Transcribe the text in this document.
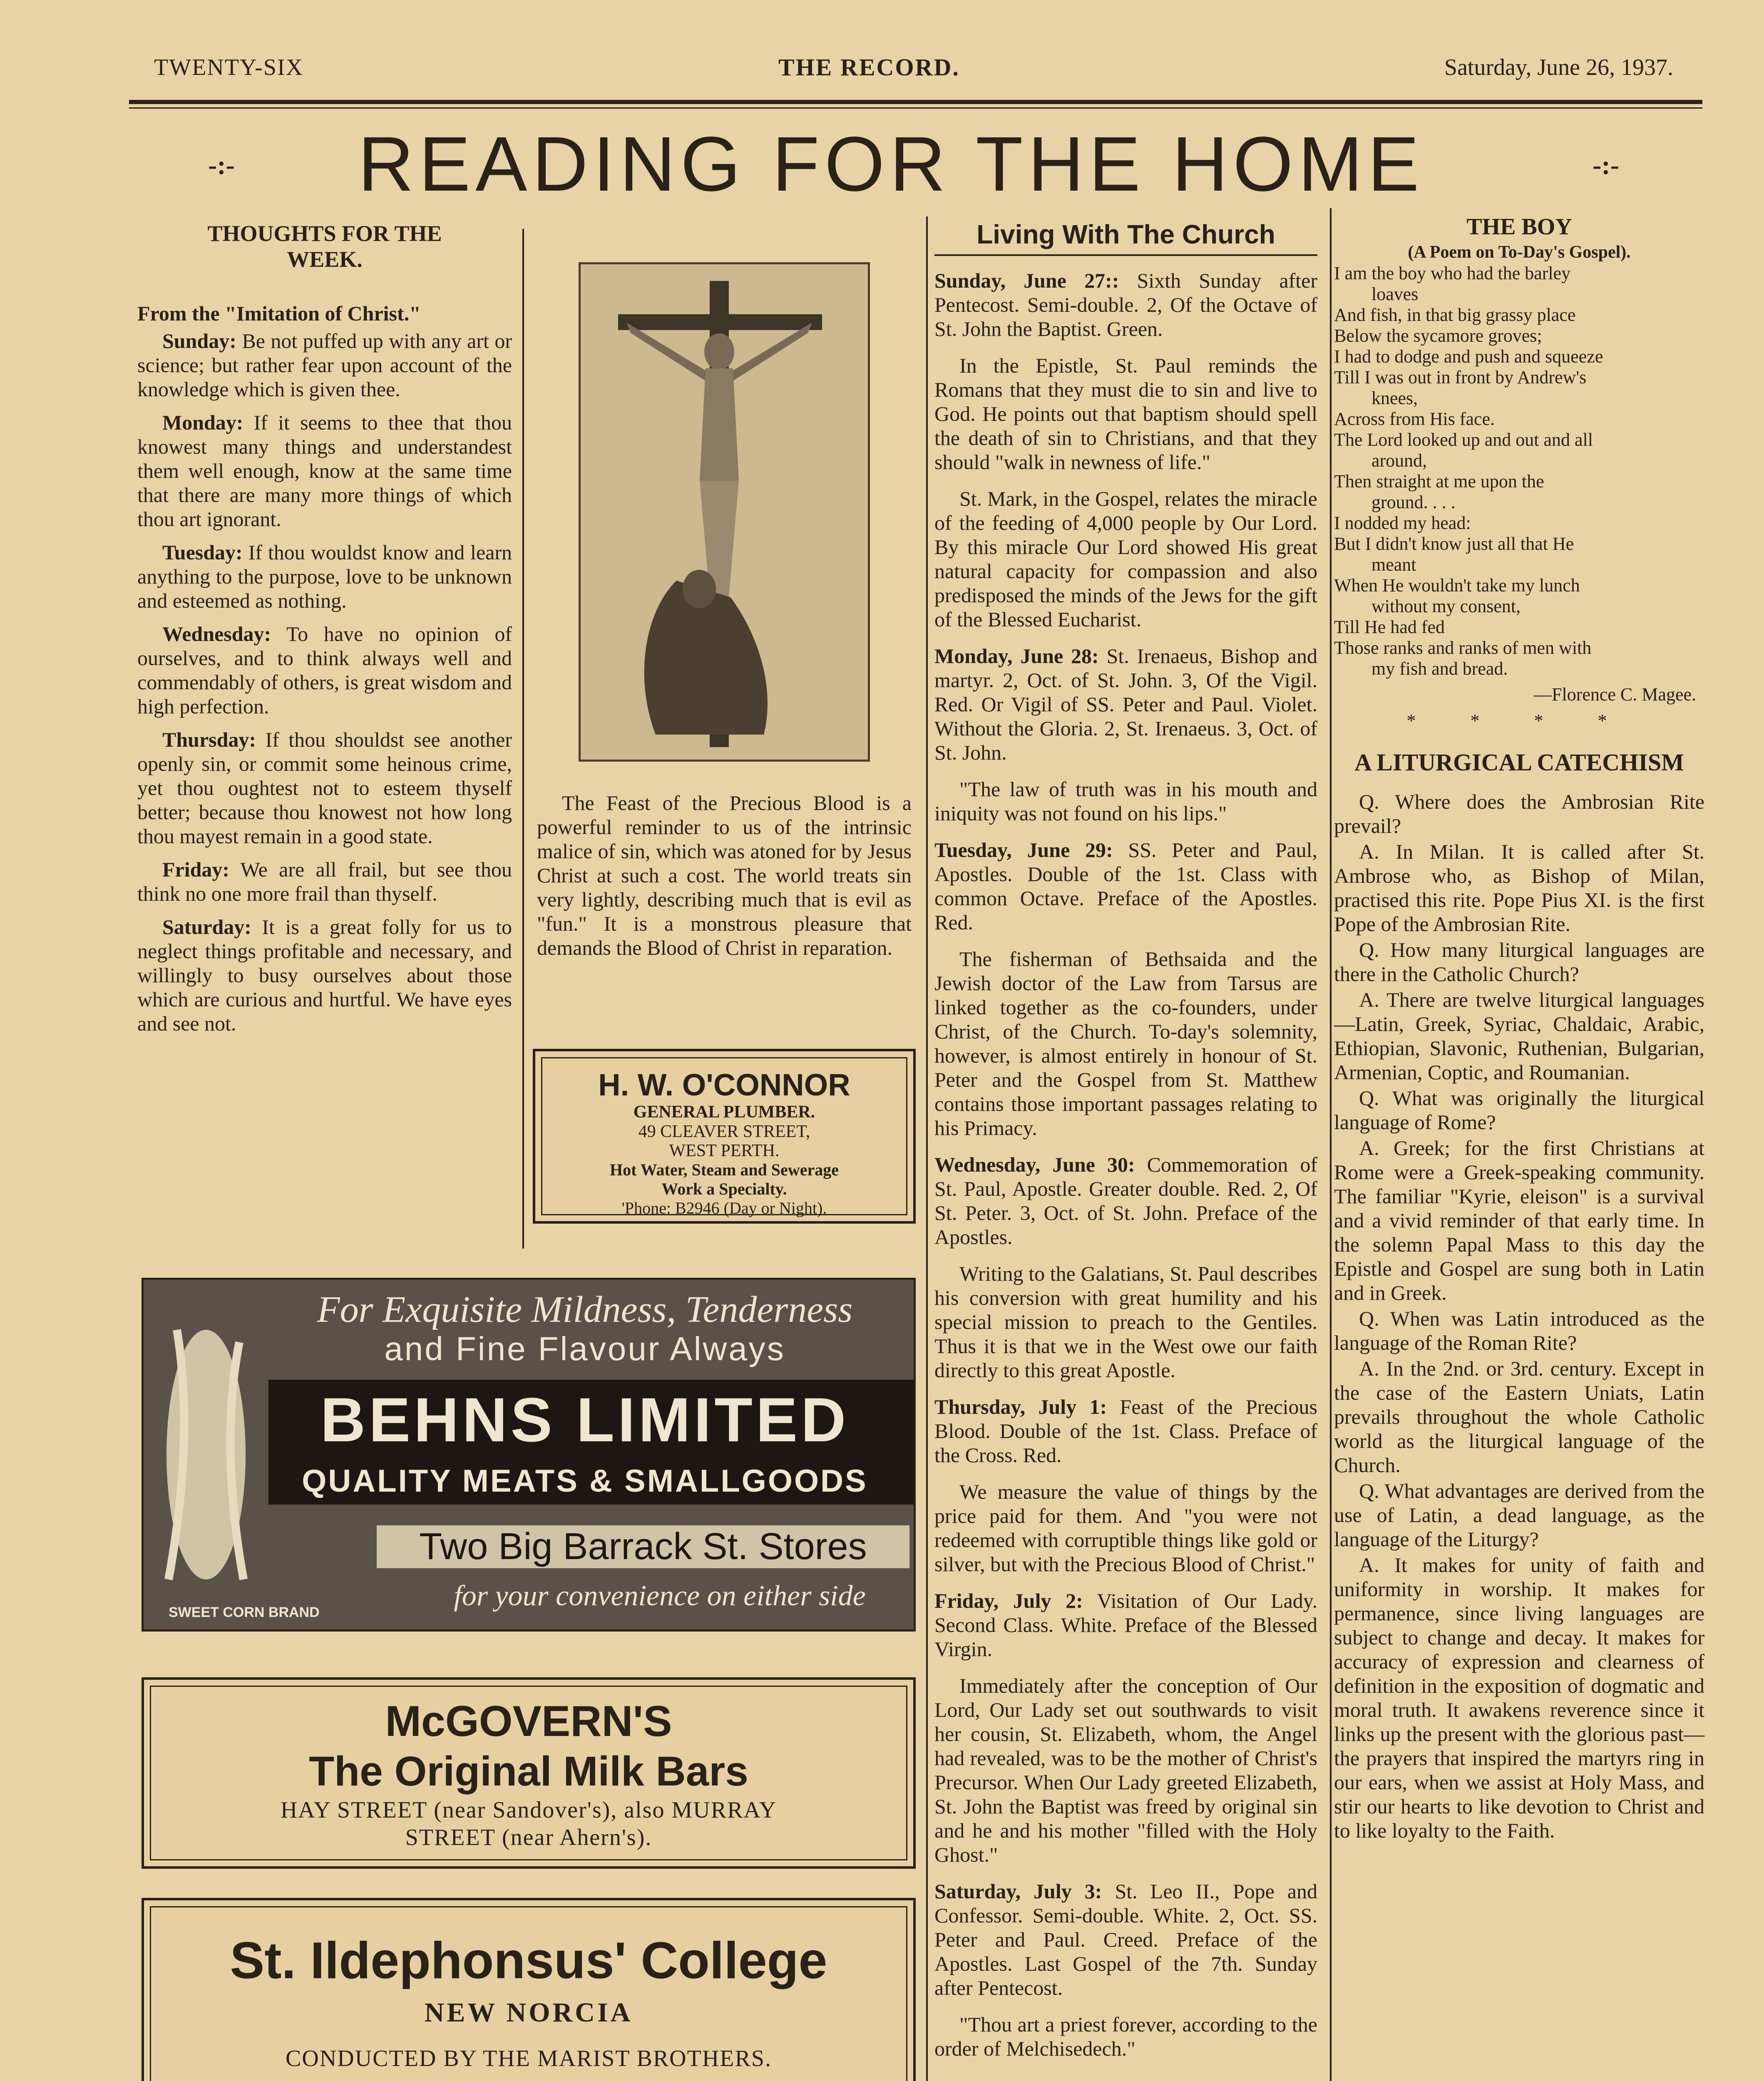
TWENTY-SIX	THE RECORD.	Saturday, June 26, 1937.
-:- READING FOR THE HOME	-:-
THOUGHTS FOR THE WEEK.
From the "Imitation of Christ."

Sunday: Be not puffed up with any art or science; but rather fear upon account of the knowledge which is given thee.

Monday: If it seems to thee that thou knowest many things and understandest them well enough, know at the same time that there are many more things of which thou art ignorant.

Tuesday: If thou wouldst know and learn anything to the purpose, love to be unknown and esteemed as nothing.

Wednesday: To have no opinion of ourselves, and to think always well and commendably of others, is great wisdom and high perfection.

Thursday: If thou shouldst see another openly sin, or commit some heinous crime, yet thou oughtest not to esteem thyself better; because thou knowest not how long thou mayest remain in a good state.

Friday: We are all frail, but see thou think no one more frail than thyself.

Saturday: It is a great folly for us to neglect things profitable and necessary, and willingly to busy ourselves about those which are curious and hurtful. We have eyes and see not.

The Feast of the Precious Blood is a powerful reminder to us of the intrinsic malice of sin, which was atoned for by Jesus Christ at such a cost. The world treats sin very lightly, describing much that is evil as "fun." It is a monstrous pleasure that demands the Blood of Christ in reparation.

H. W. O'CONNOR
GENERAL PLUMBER.
49 CLEAVER STREET,
WEST PERTH.
Hot Water, Steam and Sewerage
Work a Specialty.
'Phone: B2946 (Day or Night).
For Exquisite Mildness, Tenderness
and Fine Flavour Always
BEHNS LIMITED
QUALITY MEATS & SMALLGOODS
Two Big Barrack St. Stores
for your convenience on either side
SWEET CORN BRAND
McGOVERN'S
The Original Milk Bars
HAY STREET (near Sandover's), also MURRAY
STREET (near Ahern's).
St. Ildephonsus' College
NEW NORCIA
CONDUCTED BY THE MARIST BROTHERS.

Living With The Church

Sunday, June 27:: Sixth Sunday after Pentecost. Semi-double. 2, Of the Octave of St. John the Baptist. Green.

In the Epistle, St. Paul reminds the Romans that they must die to sin and live to God. He points out that baptism should spell the death of sin to Christians, and that they should "walk in newness of life."

St. Mark, in the Gospel, relates the miracle of the feeding of 4,000 people by Our Lord. By this miracle Our Lord showed His great natural capacity for compassion and also predisposed the minds of the Jews for the gift of the Blessed Eucharist.

Monday, June 28: St. Irenaeus, Bishop and martyr. 2, Oct. of St. John. 3, Of the Vigil. Red. Or Vigil of SS. Peter and Paul. Violet. Without the Gloria. 2, St. Irenaeus. 3, Oct. of St. John.

"The law of truth was in his mouth and iniquity was not found on his lips."

Tuesday, June 29: SS. Peter and Paul, Apostles. Double of the 1st. Class with common Octave. Preface of the Apostles. Red.

The fisherman of Bethsaida and the Jewish doctor of the Law from Tarsus are linked together as the co-founders, under Christ, of the Church. To-day's solemnity, however, is almost entirely in honour of St. Peter and the Gospel from St. Matthew contains those important passages relating to his Primacy.

Wednesday, June 30: Commemoration of St. Paul, Apostle. Greater double. Red. 2, Of St. Peter. 3, Oct. of St. John. Preface of the Apostles.

Writing to the Galatians, St. Paul describes his conversion with great humility and his special mission to preach to the Gentiles. Thus it is that we in the West owe our faith directly to this great Apostle.

Thursday, July 1: Feast of the Precious Blood. Double of the 1st. Class. Preface of the Cross. Red.

We measure the value of things by the price paid for them. And "you were not redeemed with corruptible things like gold or silver, but with the Precious Blood of Christ."

Friday, July 2: Visitation of Our Lady. Second Class. White. Preface of the Blessed Virgin.

Immediately after the conception of Our Lord, Our Lady set out southwards to visit her cousin, St. Elizabeth, whom, the Angel had revealed, was to be the mother of Christ's Precursor. When Our Lady greeted Elizabeth, St. John the Baptist was freed by original sin and he and his mother "filled with the Holy Ghost."

Saturday, July 3: St. Leo II., Pope and Confessor. Semi-double. White. 2, Oct. SS. Peter and Paul. Creed. Preface of the Apostles. Last Gospel of the 7th. Sunday after Pentecost.

"Thou art a priest forever, according to the order of Melchisedech."

THE BOY
(A Poem on To-Day's Gospel).

I am the boy who had the barley

loaves

And fish, in that big grassy place

Below the sycamore groves;

I had to dodge and push and squeeze

Till I was out in front by Andrew's

knees,

Across from His face.

The Lord looked up and out and all

around,

Then straight at me upon the

ground. . . .

I nodded my head:

But I didn't know just all that He

meant

When He wouldn't take my lunch

without my consent,

Till He had fed

Those ranks and ranks of men with

my fish and bread.

—Florence C. Magee.
* * * *
A LITURGICAL CATECHISM

Q. Where does the Ambrosian Rite prevail?

A. In Milan. It is called after St. Ambrose who, as Bishop of Milan, practised this rite. Pope Pius XI. is the first Pope of the Ambrosian Rite.

Q. How many liturgical languages are there in the Catholic Church?

A. There are twelve liturgical languages—Latin, Greek, Syriac, Chaldaic, Arabic, Ethiopian, Slavonic, Ruthenian, Bulgarian, Armenian, Coptic, and Roumanian.

Q. What was originally the liturgical language of Rome?

A. Greek; for the first Christians at Rome were a Greek-speaking community. The familiar "Kyrie, eleison" is a survival and a vivid reminder of that early time. In the solemn Papal Mass to this day the Epistle and Gospel are sung both in Latin and in Greek.

Q. When was Latin introduced as the language of the Roman Rite?

A. In the 2nd. or 3rd. century. Except in the case of the Eastern Uniats, Latin prevails throughout the whole Catholic world as the liturgical language of the Church.

Q. What advantages are derived from the use of Latin, a dead language, as the language of the Liturgy?

A. It makes for unity of faith and uniformity in worship. It makes for permanence, since living languages are subject to change and decay. It makes for accuracy of expression and clearness of definition in the exposition of dogmatic and moral truth. It awakens reverence since it links up the present with the glorious past—the prayers that inspired the martyrs ring in our ears, when we assist at Holy Mass, and stir our hearts to like devotion to Christ and to like loyalty to the Faith.
